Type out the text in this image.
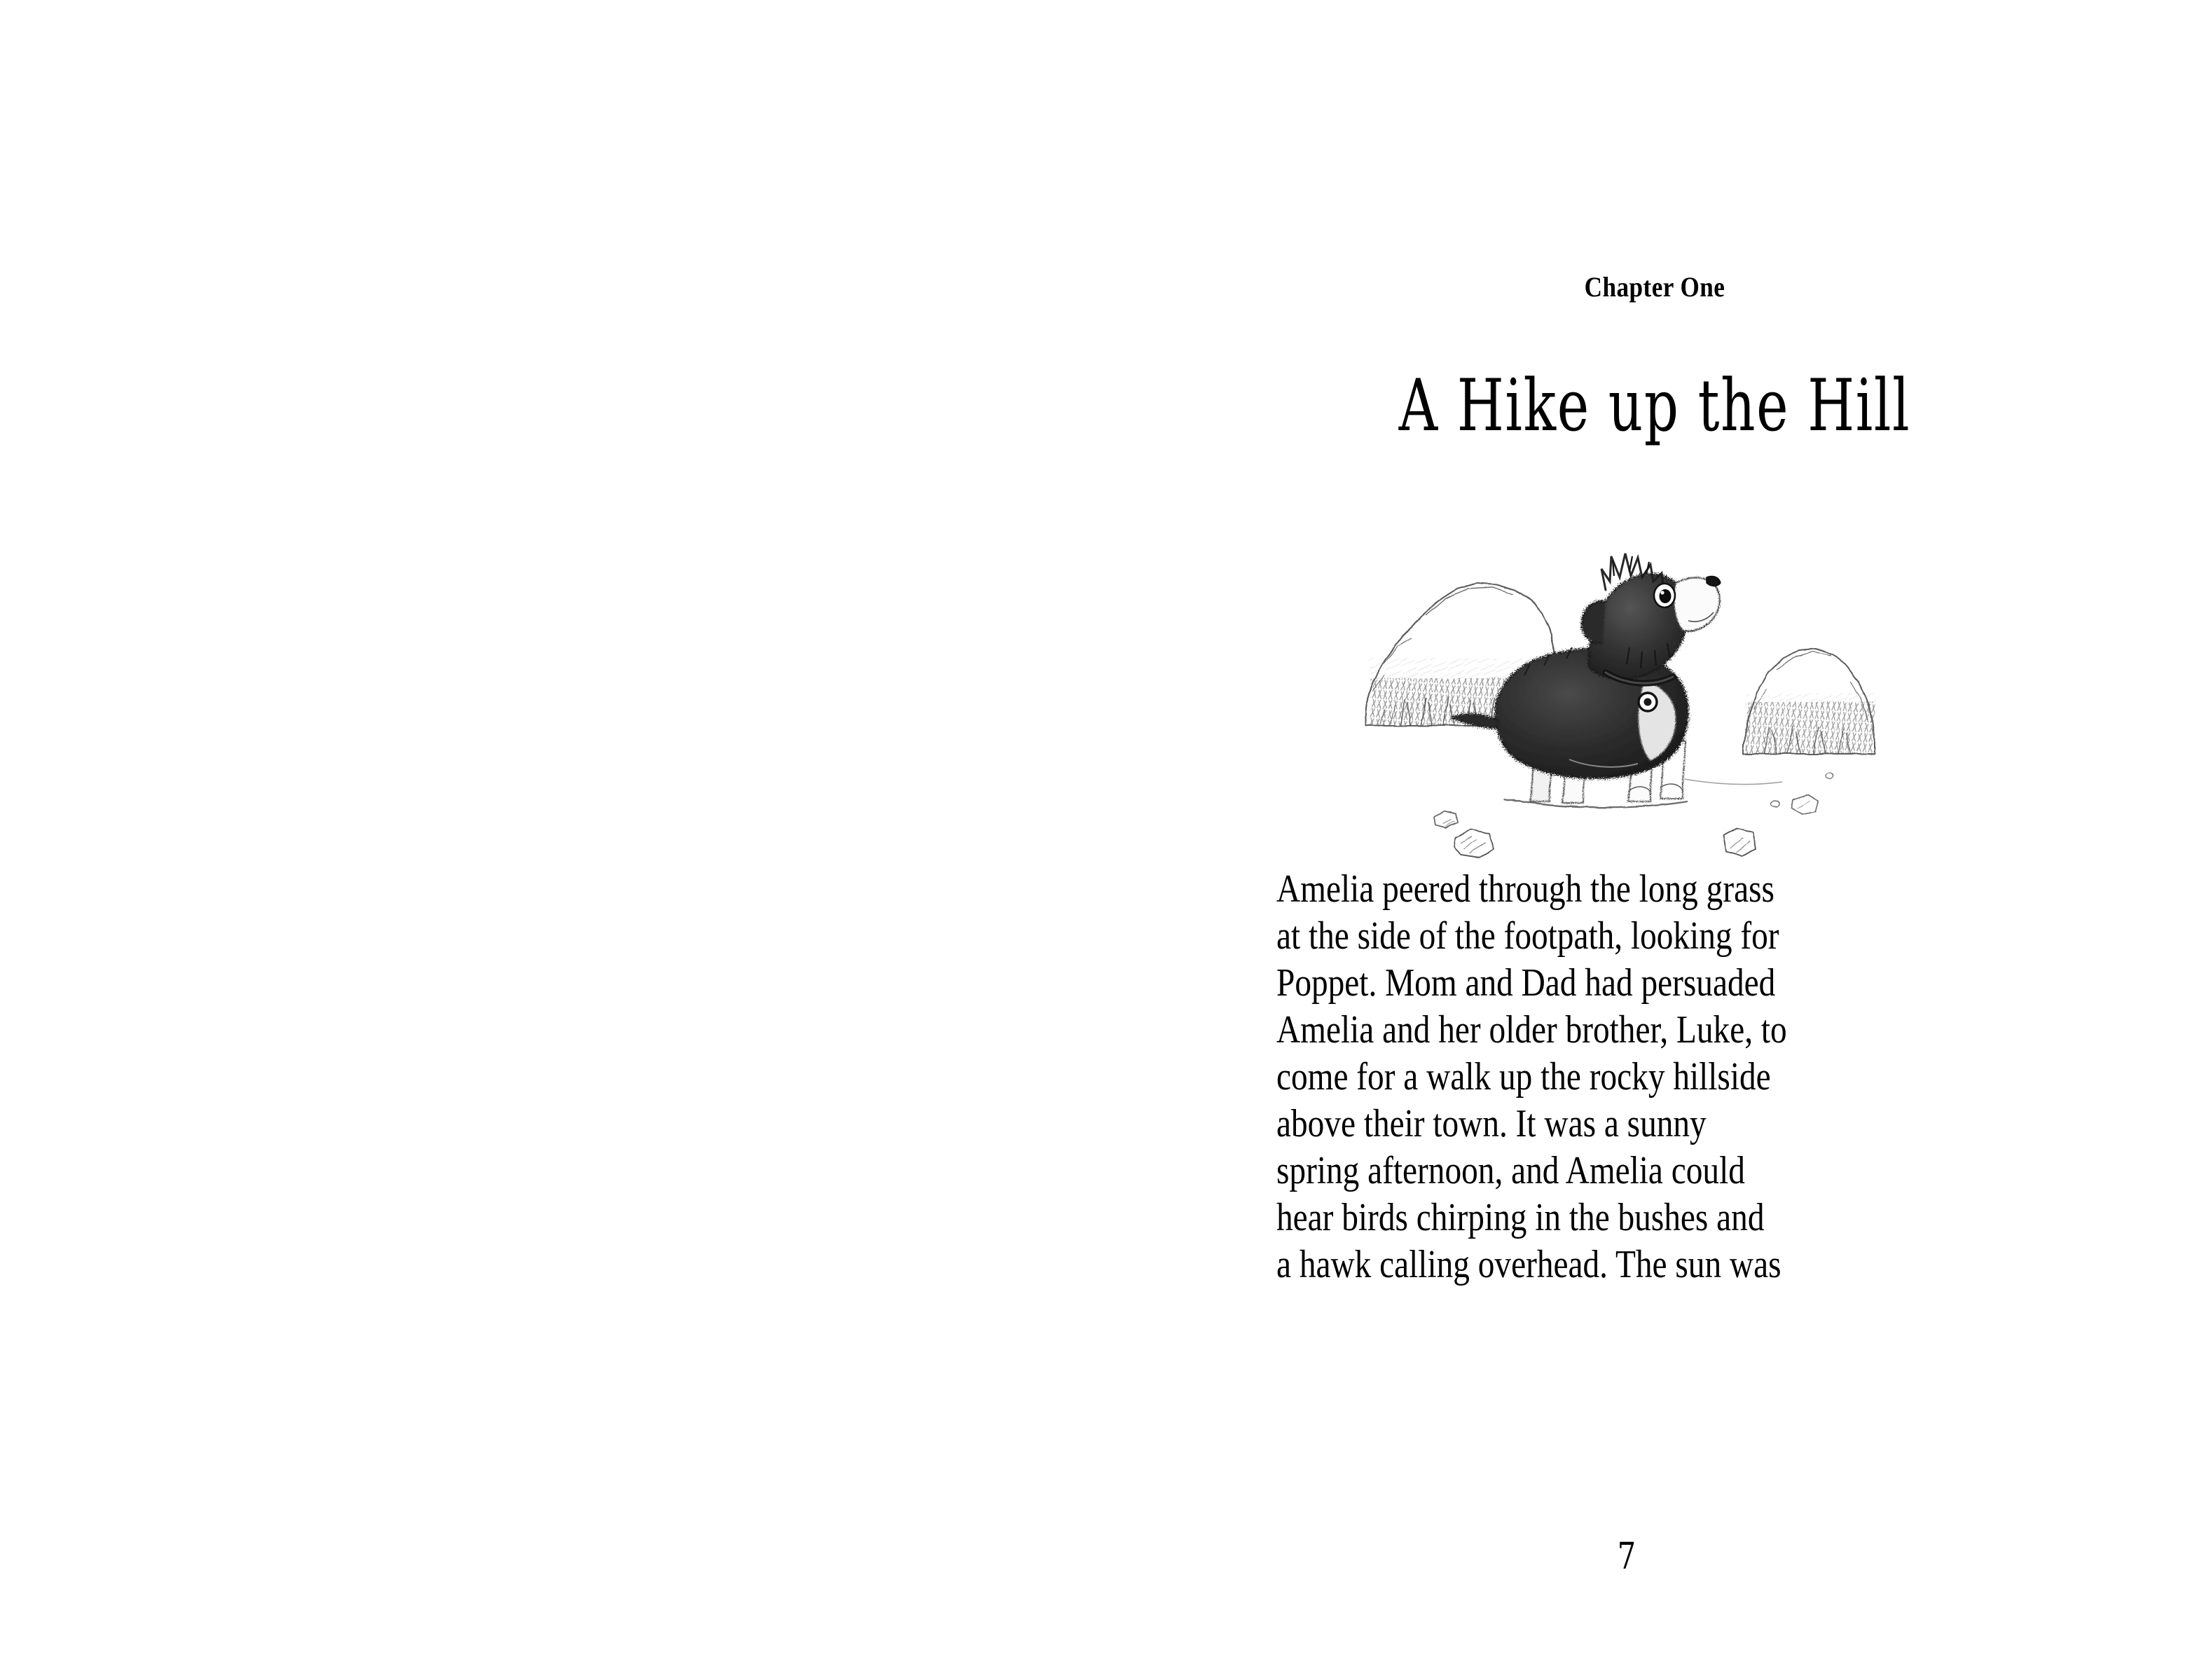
Chapter One
A Hike up the Hill
Amelia peered through the long grass
at the side of the footpath, looking for
Poppet. Mom and Dad had persuaded
Amelia and her older brother, Luke, to
come for a walk up the rocky hillside
above their town. It was a sunny
spring afternoon, and Amelia could
hear birds chirping in the bushes and
a hawk calling overhead. The sun was
7
